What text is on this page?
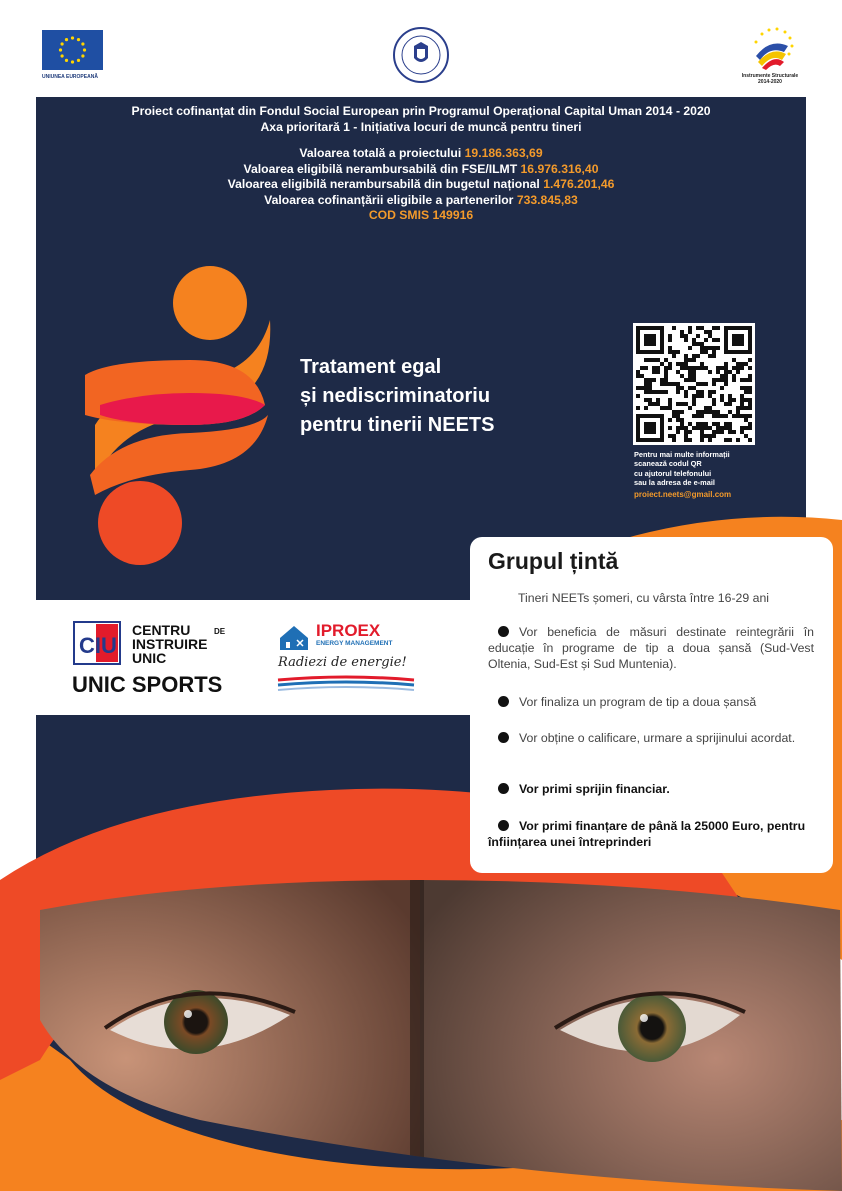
UNIUNEA EUROPEANĂ	Instrumente Structurale
2014-2020
Proiect cofinanțat din Fondul Social European prin Programul Operațional Capital Uman 2014 - 2020
Axa prioritară 1 - Inițiativa locuri de muncă pentru tineri
Valoarea totală a proiectului 19.186.363,69
Valoarea eligibilă nerambursabilă din FSE/ILMT 16.976.316,40
Valoarea eligibilă nerambursabilă din bugetul național 1.476.201,46
Valoarea cofinanțării eligibile a partenerilor 733.845,83
COD SMIS 149916
Tratament egal
și nediscriminatoriu
pentru tinerii NEETS
Pentru mai multe informații
scanează codul QR
cu ajutorul telefonului
sau la adresa de e-mail
proiect.neets@gmail.com
CIU
CENTRU	DE
INSTRUIRE
UNIC
UNIC SPORTS
IPROEX
ENERGY MANAGEMENT
Radiezi de energie!
Grupul țintă
Tineri NEETs șomeri, cu vârsta între 16-29 ani
Vor beneficia de măsuri destinate reintegrării în educație în programe de tip a doua șansă (Sud-Vest Oltenia, Sud-Est și Sud Muntenia).
Vor finaliza un program de tip a doua șansă
Vor obține o calificare, urmare a sprijinului acordat.
Vor primi sprijin financiar.
Vor primi finanțare de până la 25000 Euro, pentru înființarea unei întreprinderi
